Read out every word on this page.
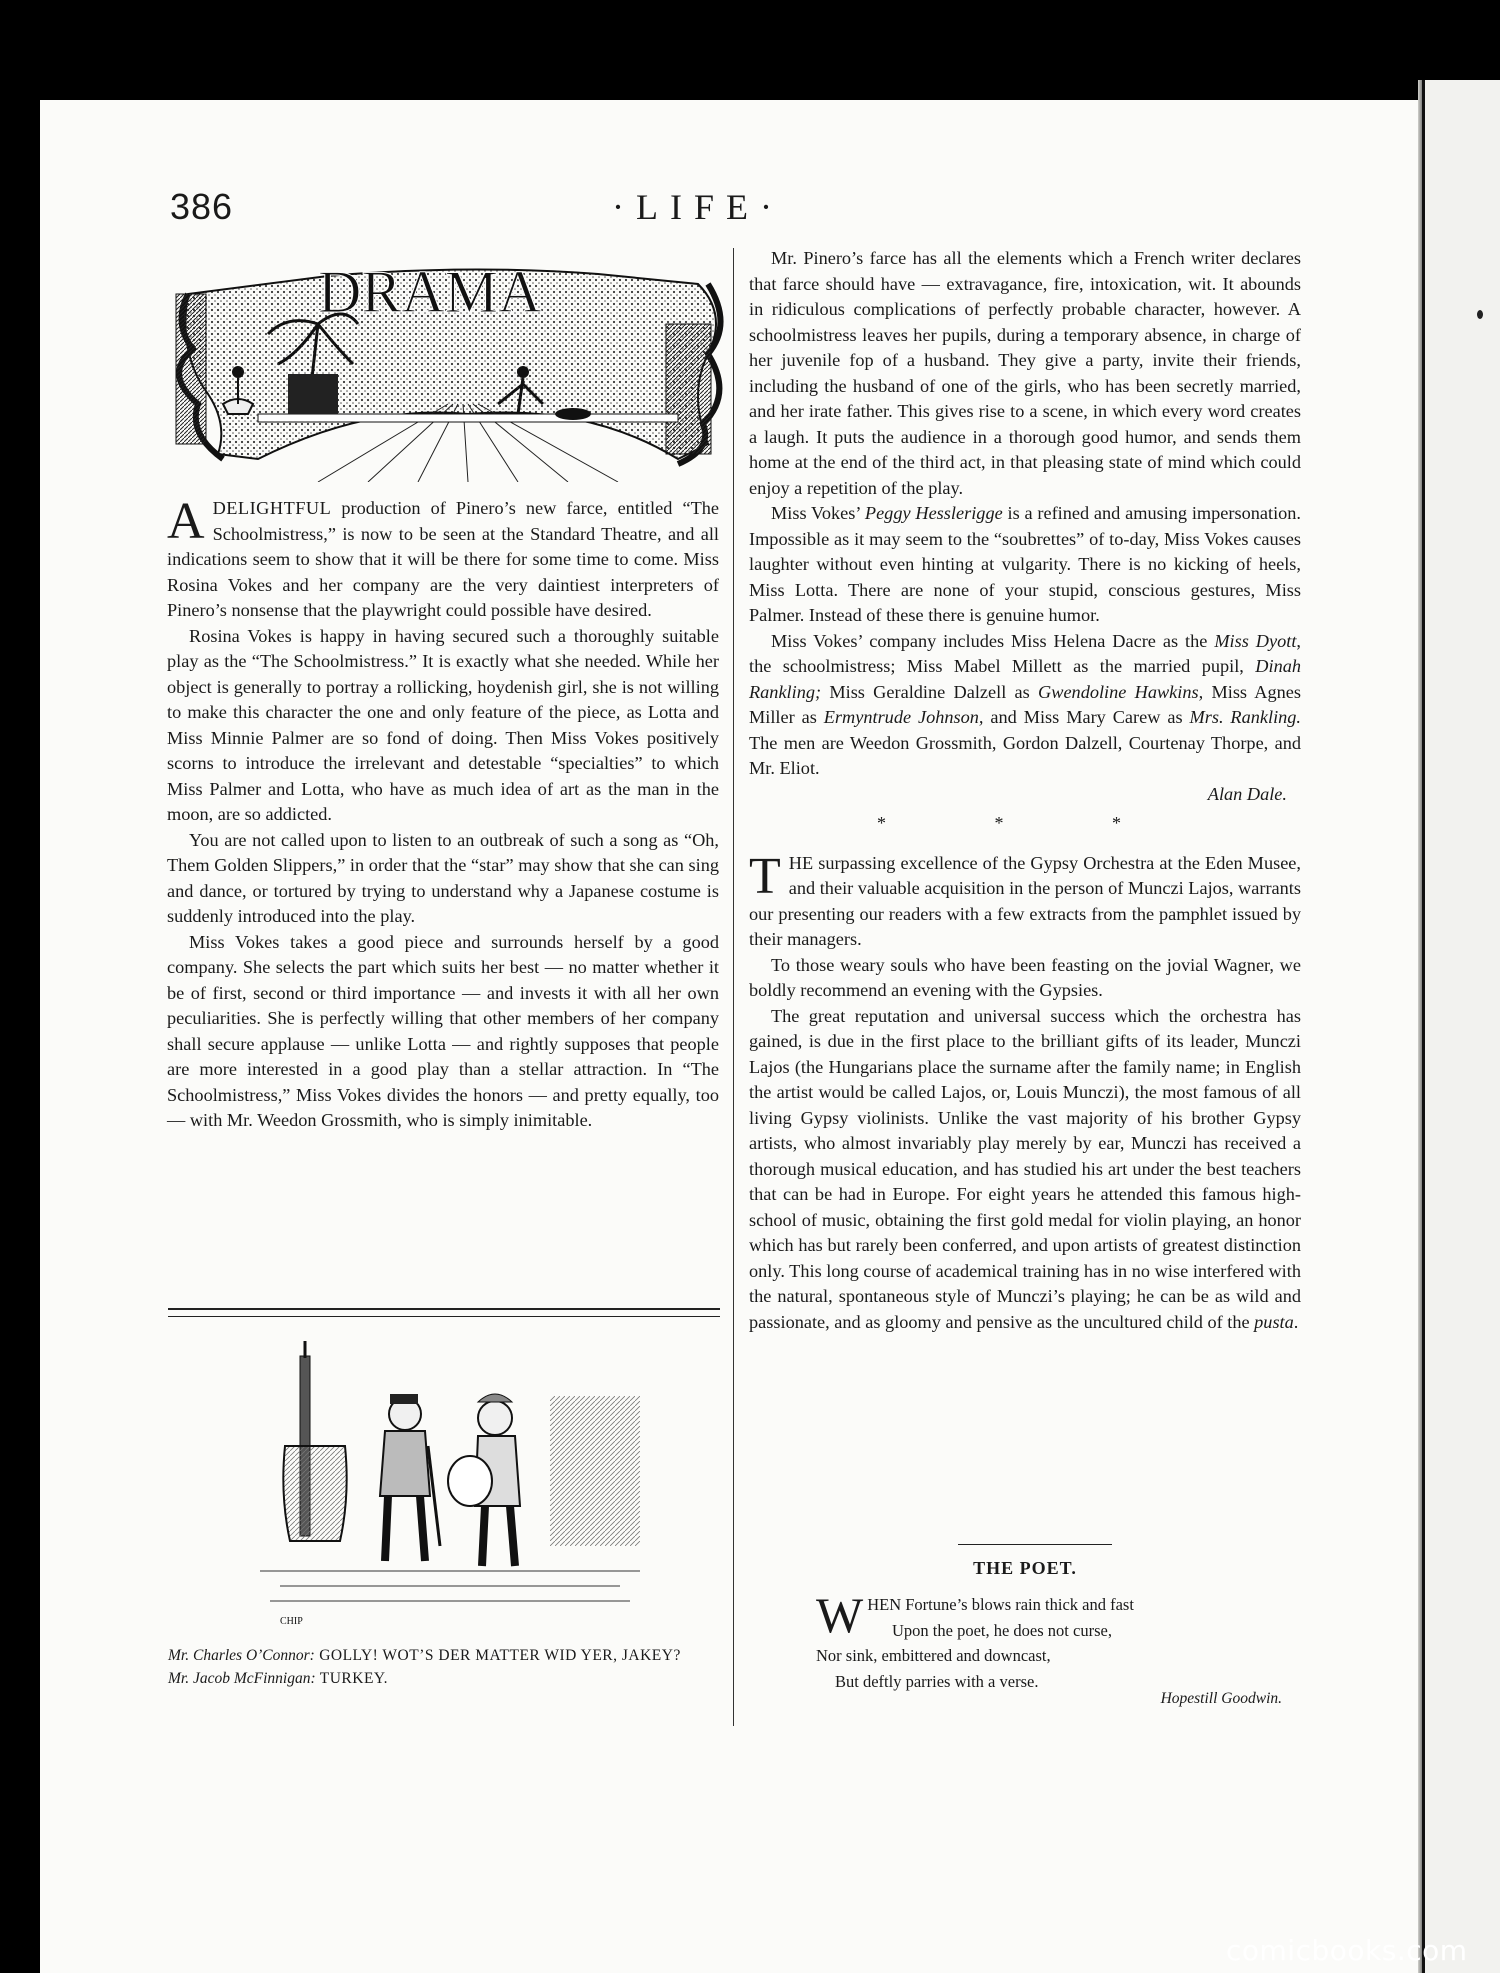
386	·LIFE·
DRAMA

ADELIGHTFUL production of Pinero’s new farce, entitled “The Schoolmistress,” is now to be seen at the Standard Theatre, and all indications seem to show that it will be there for some time to come. Miss Rosina Vokes and her company are the very daintiest interpreters of Pinero’s nonsense that the playwright could possible have desired.

Rosina Vokes is happy in having secured such a thoroughly suitable play as the “The Schoolmistress.” It is exactly what she needed. While her object is generally to portray a rollicking, hoydenish girl, she is not willing to make this character the one and only feature of the piece, as Lotta and Miss Minnie Palmer are so fond of doing. Then Miss Vokes positively scorns to introduce the irrelevant and detestable “specialties” to which Miss Palmer and Lotta, who have as much idea of art as the man in the moon, are so addicted.

You are not called upon to listen to an outbreak of such a song as “Oh, Them Golden Slippers,” in order that the “star” may show that she can sing and dance, or tortured by trying to understand why a Japanese costume is suddenly introduced into the play.

Miss Vokes takes a good piece and surrounds herself by a good company. She selects the part which suits her best — no matter whether it be of first, second or third importance — and invests it with all her own peculiarities. She is perfectly willing that other members of her company shall secure applause — unlike Lotta — and rightly supposes that people are more interested in a good play than a stellar attraction. In “The Schoolmistress,” Miss Vokes divides the honors — and pretty equally, too — with Mr. Weedon Grossmith, who is simply inimitable.

CHIP

Mr. Charles O’Connor: GOLLY! WOT’S DER MATTER WID YER, JAKEY?

Mr. Jacob McFinnigan: TURKEY.

Mr. Pinero’s farce has all the elements which a French writer declares that farce should have — extravagance, fire, intoxication, wit. It abounds in ridiculous complications of perfectly probable character, however. A schoolmistress leaves her pupils, during a temporary absence, in charge of her juvenile fop of a husband. They give a party, invite their friends, including the husband of one of the girls, who has been secretly married, and her irate father. This gives rise to a scene, in which every word creates a laugh. It puts the audience in a thorough good humor, and sends them home at the end of the third act, in that pleasing state of mind which could enjoy a repetition of the play.

Miss Vokes’ Peggy Hesslerigge is a refined and amusing impersonation. Impossible as it may seem to the “soubrettes” of to-day, Miss Vokes causes laughter without even hinting at vulgarity. There is no kicking of heels, Miss Lotta. There are none of your stupid, conscious gestures, Miss Palmer. Instead of these there is genuine humor.

Miss Vokes’ company includes Miss Helena Dacre as the Miss Dyott, the schoolmistress; Miss Mabel Millett as the married pupil, Dinah Rankling; Miss Geraldine Dalzell as Gwendoline Hawkins, Miss Agnes Miller as Ermyntrude Johnson, and Miss Mary Carew as Mrs. Rankling. The men are Weedon Grossmith, Gordon Dalzell, Courtenay Thorpe, and Mr. Eliot.

Alan Dale.
* * *

THE surpassing excellence of the Gypsy Orchestra at the Eden Musee, and their valuable acquisition in the person of Munczi Lajos, warrants our presenting our readers with a few extracts from the pamphlet issued by their managers.

To those weary souls who have been feasting on the jovial Wagner, we boldly recommend an evening with the Gypsies.

The great reputation and universal success which the orchestra has gained, is due in the first place to the brilliant gifts of its leader, Munczi Lajos (the Hungarians place the surname after the family name; in English the artist would be called Lajos, or, Louis Munczi), the most famous of all living Gypsy violinists. Unlike the vast majority of his brother Gypsy artists, who almost invariably play merely by ear, Munczi has received a thorough musical education, and has studied his art under the best teachers that can be had in Europe. For eight years he attended this famous high-school of music, obtaining the first gold medal for violin playing, an honor which has but rarely been conferred, and upon artists of greatest distinction only. This long course of academical training has in no wise interfered with the natural, spontaneous style of Munczi’s playing; he can be as wild and passionate, and as gloomy and pensive as the uncultured child of the pusta.

THE POET.
W HEN Fortune’s blows rain thick and fast
Upon the poet, he does not curse,
Nor sink, embittered and downcast,
But deftly parries with a verse.
Hopestill Goodwin.
comicbooks.com
